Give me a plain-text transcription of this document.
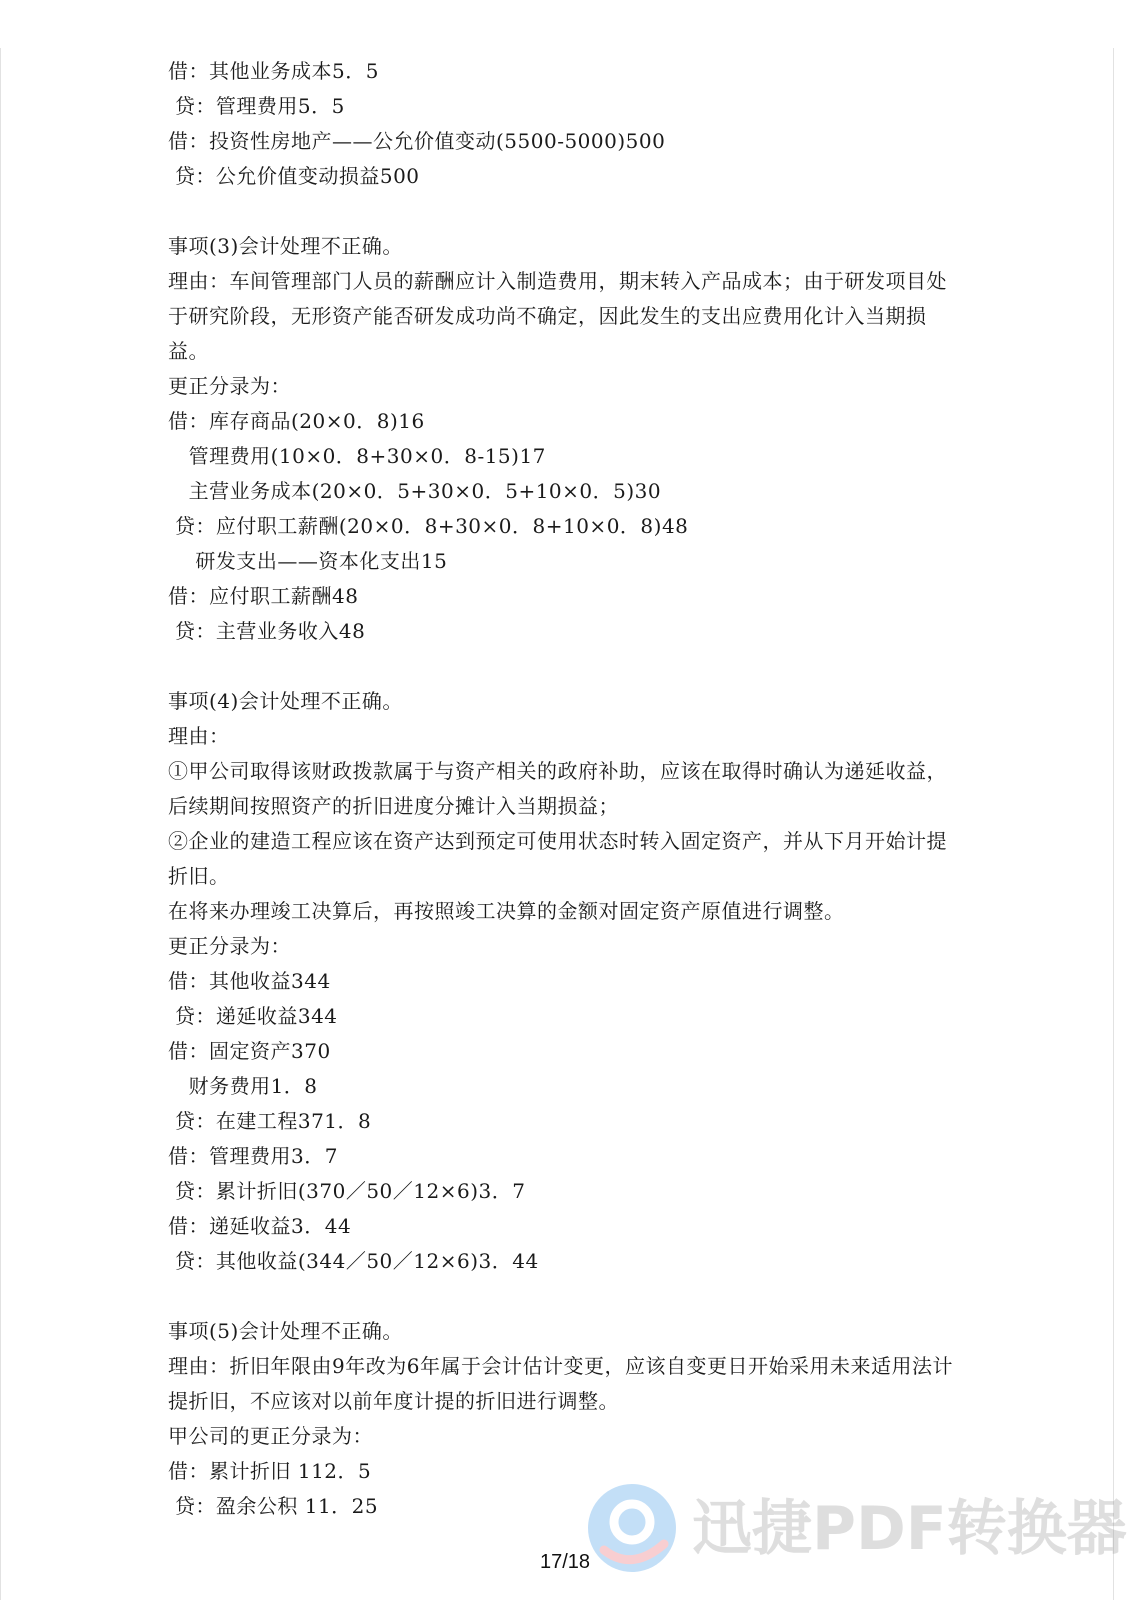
借：其他业务成本5．5
贷：管理费用5．5
借：投资性房地产——公允价值变动(5500-5000)500
贷：公允价值变动损益500
事项(3)会计处理不正确。
理由：车间管理部门人员的薪酬应计入制造费用，期末转入产品成本；由于研发项目处
于研究阶段，无形资产能否研发成功尚不确定，因此发生的支出应费用化计入当期损
益。
更正分录为：
借：库存商品(20×0．8)16
管理费用(10×0．8+30×0．8-15)17
主营业务成本(20×0．5+30×0．5+10×0．5)30
贷：应付职工薪酬(20×0．8+30×0．8+10×0．8)48
研发支出——资本化支出15
借：应付职工薪酬48
贷：主营业务收入48
事项(4)会计处理不正确。
理由：
①甲公司取得该财政拨款属于与资产相关的政府补助，应该在取得时确认为递延收益，
后续期间按照资产的折旧进度分摊计入当期损益；
②企业的建造工程应该在资产达到预定可使用状态时转入固定资产，并从下月开始计提
折旧。
在将来办理竣工决算后，再按照竣工决算的金额对固定资产原值进行调整。
更正分录为：
借：其他收益344
贷：递延收益344
借：固定资产370
财务费用1．8
贷：在建工程371．8
借：管理费用3．7
贷：累计折旧(370／50／12×6)3．7
借：递延收益3．44
贷：其他收益(344／50／12×6)3．44
事项(5)会计处理不正确。
理由：折旧年限由9年改为6年属于会计估计变更，应该自变更日开始采用未来适用法计
提折旧，不应该对以前年度计提的折旧进行调整。
甲公司的更正分录为：
借：累计折旧 112．5
贷：盈余公积 11．25
17/18	迅捷PDF转换器
